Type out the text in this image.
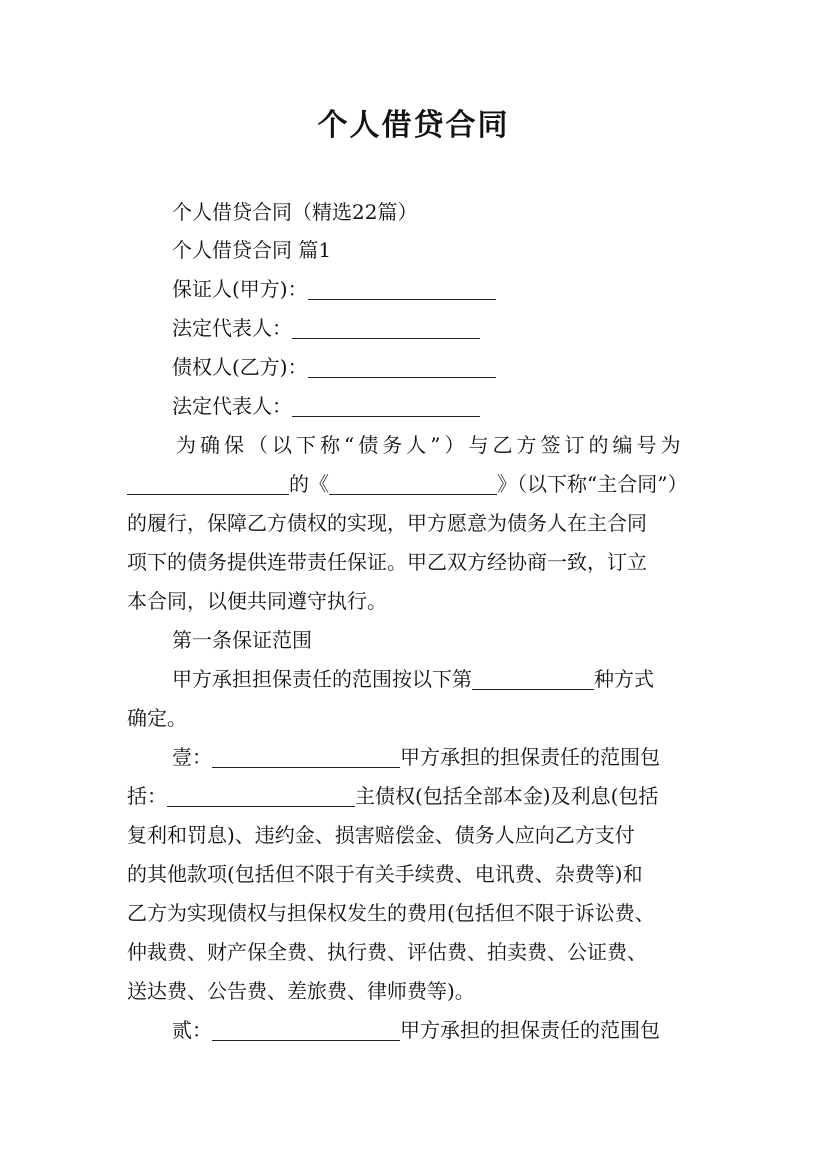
个人借贷合同
个人借贷合同（精选22篇）
个人借贷合同 篇1
保证人(甲方)：
法定代表人：
债权人(乙方)：
法定代表人：
为确保（以下称“债务人”）与乙方签订的编号为
的《	》（以下称“主合同”）
的履行，保障乙方债权的实现，甲方愿意为债务人在主合同
项下的债务提供连带责任保证。甲乙双方经协商一致，订立
本合同，以便共同遵守执行。
第一条保证范围
甲方承担担保责任的范围按以下第	种方式
确定。
壹：	甲方承担的担保责任的范围包
括：	主债权(包括全部本金)及利息(包括
复利和罚息)、违约金、损害赔偿金、债务人应向乙方支付
的其他款项(包括但不限于有关手续费、电讯费、杂费等)和
乙方为实现债权与担保权发生的费用(包括但不限于诉讼费、
仲裁费、财产保全费、执行费、评估费、拍卖费、公证费、
送达费、公告费、差旅费、律师费等)。
贰：	甲方承担的担保责任的范围包
